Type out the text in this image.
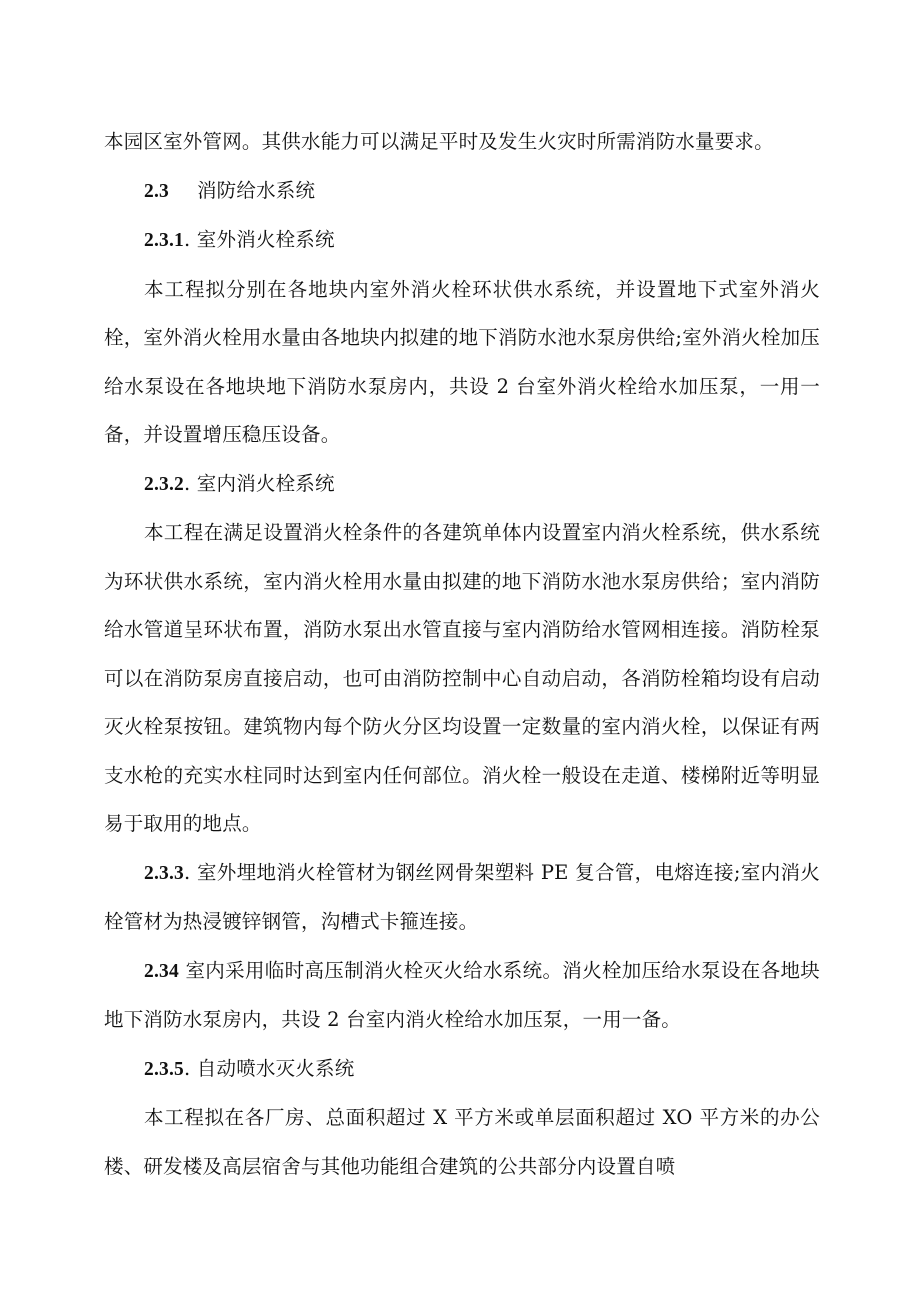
本园区室外管网。其供水能力可以满足平时及发生火灾时所需消防水量要求。

2.3 消防给水系统

2.3.1. 室外消火栓系统

本工程拟分别在各地块内室外消火栓环状供水系统，并设置地下式室外消火栓，室外消火栓用水量由各地块内拟建的地下消防水池水泵房供给;室外消火栓加压给水泵设在各地块地下消防水泵房内，共设 2 台室外消火栓给水加压泵，一用一备，并设置增压稳压设备。

2.3.2. 室内消火栓系统

本工程在满足设置消火栓条件的各建筑单体内设置室内消火栓系统，供水系统为环状供水系统，室内消火栓用水量由拟建的地下消防水池水泵房供给；室内消防给水管道呈环状布置，消防水泵出水管直接与室内消防给水管网相连接。消防栓泵可以在消防泵房直接启动，也可由消防控制中心自动启动，各消防栓箱均设有启动灭火栓泵按钮。建筑物内每个防火分区均设置一定数量的室内消火栓，以保证有两支水枪的充实水柱同时达到室内任何部位。消火栓一般设在走道、楼梯附近等明显易于取用的地点。

2.3.3. 室外埋地消火栓管材为钢丝网骨架塑料 PE 复合管，电熔连接;室内消火栓管材为热浸镀锌钢管，沟槽式卡箍连接。

2.34 室内采用临时高压制消火栓灭火给水系统。消火栓加压给水泵设在各地块地下消防水泵房内，共设 2 台室内消火栓给水加压泵，一用一备。

2.3.5. 自动喷水灭火系统

本工程拟在各厂房、总面积超过 X 平方米或单层面积超过 XO 平方米的办公楼、研发楼及高层宿舍与其他功能组合建筑的公共部分内设置自喷
